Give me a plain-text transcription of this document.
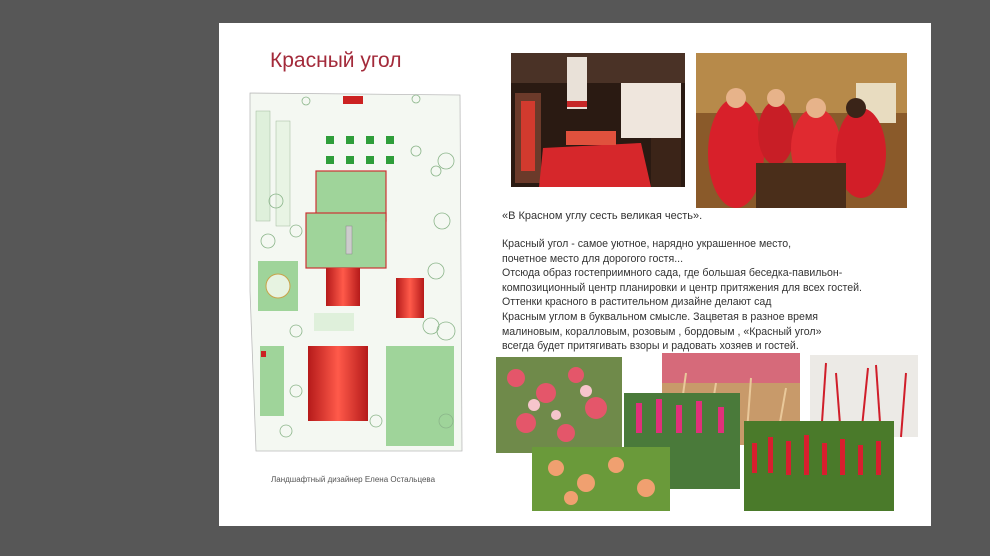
Красный угол
Ландшафтный дизайнер Елена Остальцева
«В Красном углу сесть великая честь».
Красный угол - самое уютное, нарядно украшенное место,
почетное место для дорогого гостя...
Отсюда образ гостеприимного сада, где большая беседка-павильон-
композиционный центр планировки и центр притяжения для всех гостей.
Оттенки красного в растительном дизайне делают сад
Красным углом в буквальном смысле. Зацветая в разное время
малиновым, коралловым, розовым , бордовым , «Красный угол»
всегда будет притягивать взоры и радовать хозяев и гостей.
